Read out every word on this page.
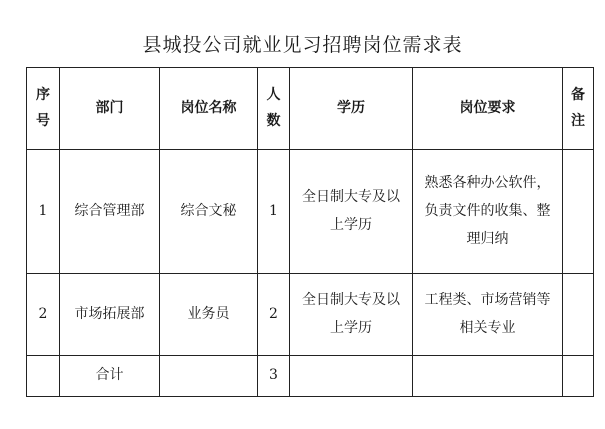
县城投公司就业见习招聘岗位需求表
序号	部门	岗位名称	人数	学历	岗位要求	备注
1	综合管理部	综合文秘	1	全日制大专及以上学历	熟悉各种办公软件，负责文件的收集、整理归纳	
2	市场拓展部	业务员	2	全日制大专及以上学历	工程类、市场营销等相关专业	
	合计		3			
